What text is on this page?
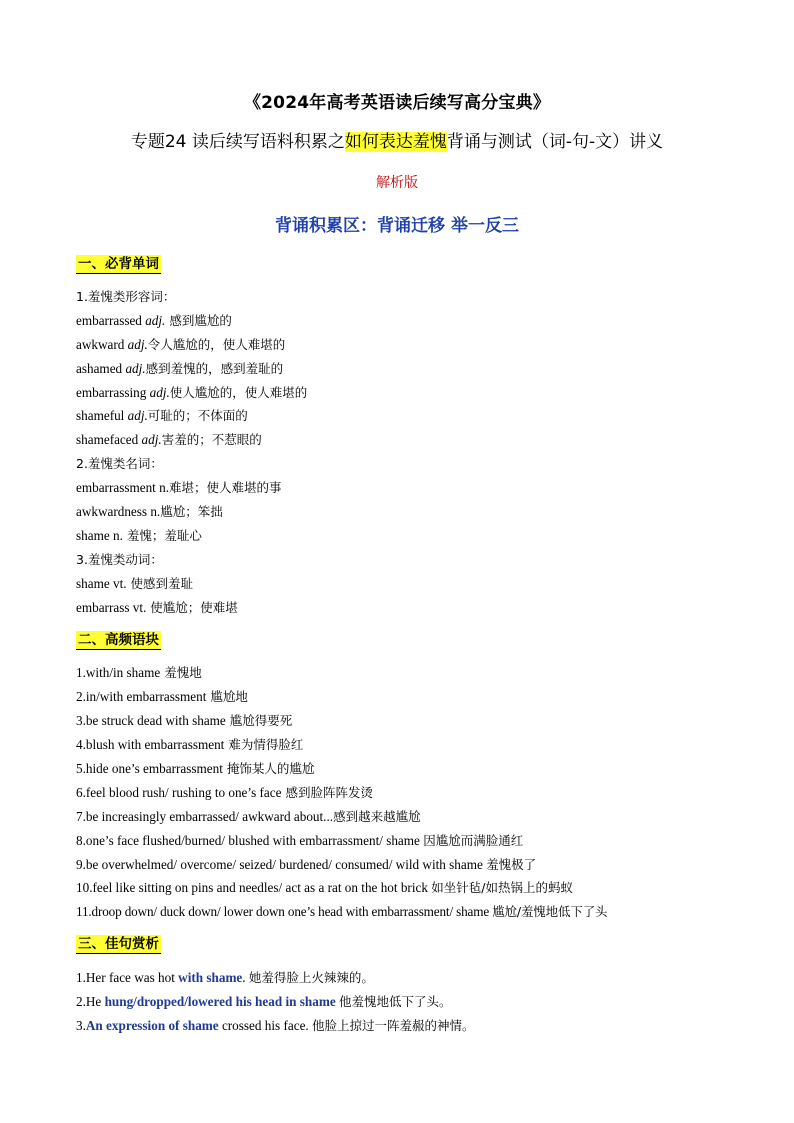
《2024年高考英语读后续写高分宝典》
专题24 读后续写语料积累之如何表达羞愧背诵与测试（词-句-文）讲义
解析版
背诵积累区：背诵迁移 举一反三
一、必背单词
1.羞愧类形容词：
embarrassed adj. 感到尴尬的
awkward adj.令人尴尬的，使人难堪的
ashamed adj.感到羞愧的，感到羞耻的
embarrassing adj.使人尴尬的，使人难堪的
shameful adj.可耻的；不体面的
shamefaced adj.害羞的；不惹眼的
2.羞愧类名词：
embarrassment n.难堪；使人难堪的事
awkwardness n.尴尬；笨拙
shame n. 羞愧；羞耻心
3.羞愧类动词：
shame vt. 使感到羞耻
embarrass vt. 使尴尬；使难堪
二、高频语块
1.with/in shame 羞愧地
2.in/with embarrassment 尴尬地
3.be struck dead with shame 尴尬得要死
4.blush with embarrassment 难为情得脸红
5.hide one’s embarrassment 掩饰某人的尴尬
6.feel blood rush/ rushing to one’s face 感到脸阵阵发烫
7.be increasingly embarrassed/ awkward about...感到越来越尴尬
8.one’s face flushed/burned/ blushed with embarrassment/ shame 因尴尬而满脸通红
9.be overwhelmed/ overcome/ seized/ burdened/ consumed/ wild with shame 羞愧极了
10.feel like sitting on pins and needles/ act as a rat on the hot brick 如坐针毡/如热锅上的蚂蚁
11.droop down/ duck down/ lower down one’s head with embarrassment/ shame 尴尬/羞愧地低下了头
三、佳句赏析
1.Her face was hot with shame. 她羞得脸上火辣辣的。
2.He hung/dropped/lowered his head in shame 他羞愧地低下了头。
3.An expression of shame crossed his face. 他脸上掠过一阵羞赧的神情。
